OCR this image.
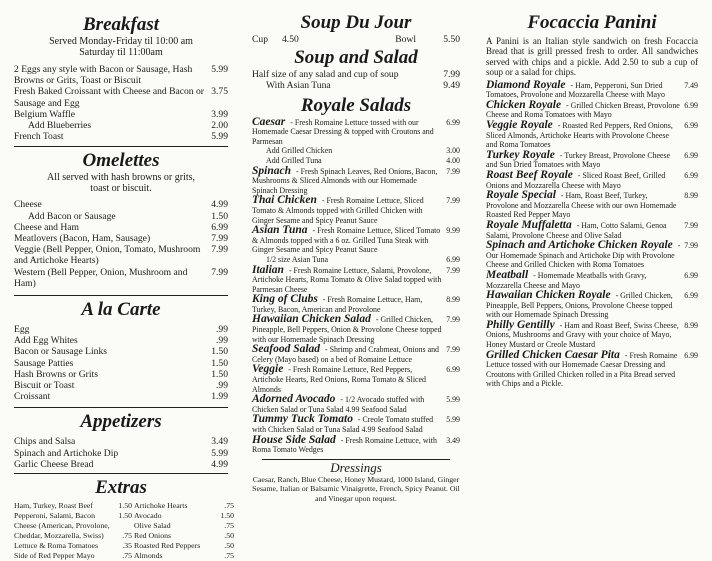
Breakfast
Served Monday-Friday til 10:00 am
Saturday til 11:00am
2 Eggs any style with Bacon or Sausage, Hash Browns or Grits, Toast or Biscuit
5.99
Fresh Baked Croissant with Cheese and Bacon or Sausage and Egg
3.75
Belgium Waffle	3.99
Add Blueberries	2.00
French Toast	5.99
Omelettes
All served with hash browns or grits,
toast or biscuit.
Cheese	4.99
Add Bacon or Sausage	1.50
Cheese and Ham	6.99
Meatlovers (Bacon, Ham, Sausage)	7.99
Veggie (Bell Pepper, Onion, Tomato, Mushroom and Artichoke Hearts)
7.99
Western (Bell Pepper, Onion, Mushroom and Ham)
7.99
A la Carte
Egg	.99
Add Egg Whites	.99
Bacon or Sausage Links	1.50
Sausage Patties	1.50
Hash Browns or Grits	1.50
Biscuit or Toast	.99
Croissant	1.99
Appetizers
Chips and Salsa	3.49
Spinach and Artichoke Dip	5.99
Garlic Cheese Bread	4.99
Extras
Ham, Turkey, Roast Beef	1.50 Artichoke Hearts	.75
Pepperoni, Salami, Bacon	1.50 Avocado	1.50
Cheese (American, Provolone,	Olive Salad	.75
Cheddar, Mozzarella, Swiss)	.75 Red Onions	.50
Lettuce & Roma Tomatoes	.35 Roasted Red Peppers	.50
Side of Red Pepper Mayo	.75 Almonds	.75
Soup Du Jour
Cup	4.50	Bowl	5.50
Soup and Salad
Half size of any salad and cup of soup	7.99
With Asian Tuna	9.49
Royale Salads
Caesar - Fresh Romaine Lettuce tossed with our Homemade Caesar Dressing & topped with Croutons and Parmesan
6.99
Add Grilled Chicken	3.00
Add Grilled Tuna	4.00
Spinach - Fresh Spinach Leaves, Red Onions, Bacon, Mushrooms & Sliced Almonds with our Homemade Spinach Dressing
7.99
Thai Chicken - Fresh Romaine Lettuce, Sliced Tomato & Almonds topped with Grilled Chicken with Ginger Sesame and Spicy Peanut Sauce
7.99
Asian Tuna - Fresh Romaine Lettuce, Sliced Tomato & Almonds topped with a 6 oz. Grilled Tuna Steak with Ginger Sesame and Spicy Peanut Sauce
9.99
1/2 size Asian Tuna	6.99
Italian - Fresh Romaine Lettuce, Salami, Provolone, Artichoke Hearts, Roma Tomato & Olive Salad topped with Parmesan Cheese
7.99
King of Clubs - Fresh Romaine Lettuce, Ham, Turkey, Bacon, American and Provolone
8.99
Hawaiian Chicken Salad - Grilled Chicken, Pineapple, Bell Peppers, Onion & Provolone Cheese topped with our Homemade Spinach Dressing
7.99
Seafood Salad - Shrimp and Crabmeat, Onions and Celery (Mayo based) on a bed of Romaine Lettuce
7.99
Veggie - Fresh Romaine Lettuce, Red Peppers, Artichoke Hearts, Red Onions, Roma Tomato & Sliced Almonds
6.99
Adorned Avocado - 1/2 Avocado stuffed with Chicken Salad or Tuna Salad 4.99 Seafood Salad
5.99
Tummy Tuck Tomato - Creole Tomato stuffed with Chicken Salad or Tuna Salad 4.99 Seafood Salad
5.99
House Side Salad - Fresh Romaine Lettuce, with Roma Tomato Wedges
3.49
Dressings
Caesar, Ranch, Blue Cheese, Honey Mustard, 1000 Island, Ginger Sesame, Italian or Balsamic Vinaigrette, French, Spicy Peanut. Oil and Vinegar upon request.
Focaccia Panini
A Panini is an Italian style sandwich on fresh Focaccia Bread that is grill pressed fresh to order. All sandwiches served with chips and a pickle. Add 2.50 to sub a cup of soup or a salad for chips.
Diamond Royale - Ham, Pepperoni, Sun Dried Tomatoes, Provolone and Mozzarella Cheese with Mayo
7.49
Chicken Royale - Grilled Chicken Breast, Provolone Cheese and Roma Tomatoes with Mayo
6.99
Veggie Royale - Roasted Red Peppers, Red Onions, Sliced Almonds, Artichoke Hearts with Provolone Cheese and Roma Tomatoes
6.99
Turkey Royale - Turkey Breast, Provolone Cheese and Sun Dried Tomatoes with Mayo
6.99
Roast Beef Royale - Sliced Roast Beef, Grilled Onions and Mozzarella Cheese with Mayo
6.99
Royale Special - Ham, Roast Beef, Turkey, Provolone and Mozzarella Cheese with our own Homemade Roasted Red Pepper Mayo
8.99
Royale Muffaletta - Ham, Cotto Salami, Genoa Salami, Provolone Cheese and Olive Salad
7.99
Spinach and Artichoke Chicken Royale - Our Homemade Spinach and Artichoke Dip with Provolone Cheese and Grilled Chicken with Roma Tomatoes
7.99
Meatball - Homemade Meatballs with Gravy, Mozzarella Cheese and Mayo
6.99
Hawaiian Chicken Royale - Grilled Chicken, Pineapple, Bell Peppers, Onions, Provolone Cheese topped with our Homemade Spinach Dressing
6.99
Philly Gentilly - Ham and Roast Beef, Swiss Cheese, Onions, Mushrooms and Gravy with your choice of Mayo, Honey Mustard or Creole Mustard
8.99
Grilled Chicken Caesar Pita - Fresh Romaine Lettuce tossed with our Homemade Caesar Dressing and Croutons with Grilled Chicken rolled in a Pita Bread served with Chips and a Pickle.
6.99
